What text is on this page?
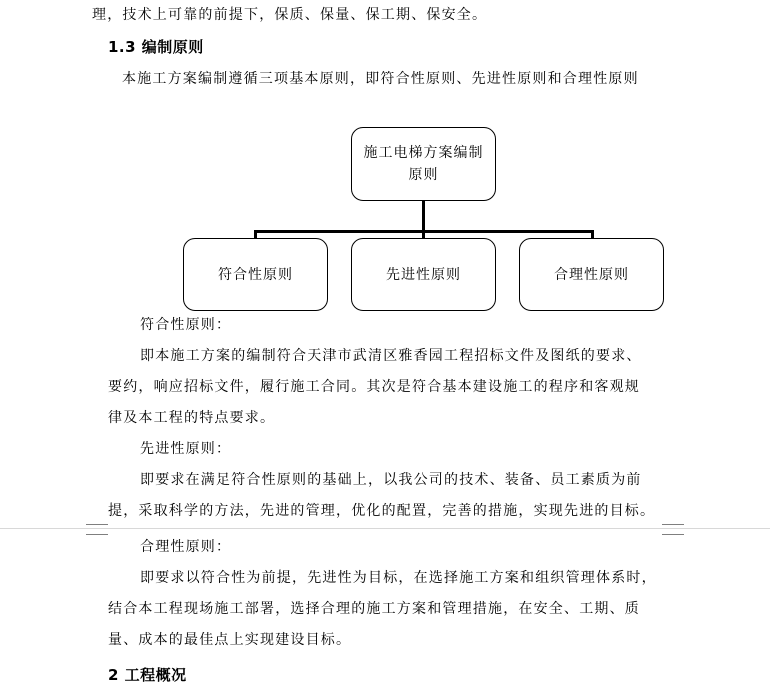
理，技术上可靠的前提下，保质、保量、保工期、保安全。
1.3 编制原则
本施工方案编制遵循三项基本原则，即符合性原则、先进性原则和合理性原则
施工电梯方案编制原则
符合性原则	先进性原则	合理性原则
符合性原则：
即本施工方案的编制符合天津市武清区雅香园工程招标文件及图纸的要求、
要约，响应招标文件，履行施工合同。其次是符合基本建设施工的程序和客观规
律及本工程的特点要求。
先进性原则：
即要求在满足符合性原则的基础上，以我公司的技术、装备、员工素质为前
提，采取科学的方法，先进的管理，优化的配置，完善的措施，实现先进的目标。
合理性原则：
即要求以符合性为前提，先进性为目标，在选择施工方案和组织管理体系时，
结合本工程现场施工部署，选择合理的施工方案和管理措施，在安全、工期、质
量、成本的最佳点上实现建设目标。
2 工程概况
